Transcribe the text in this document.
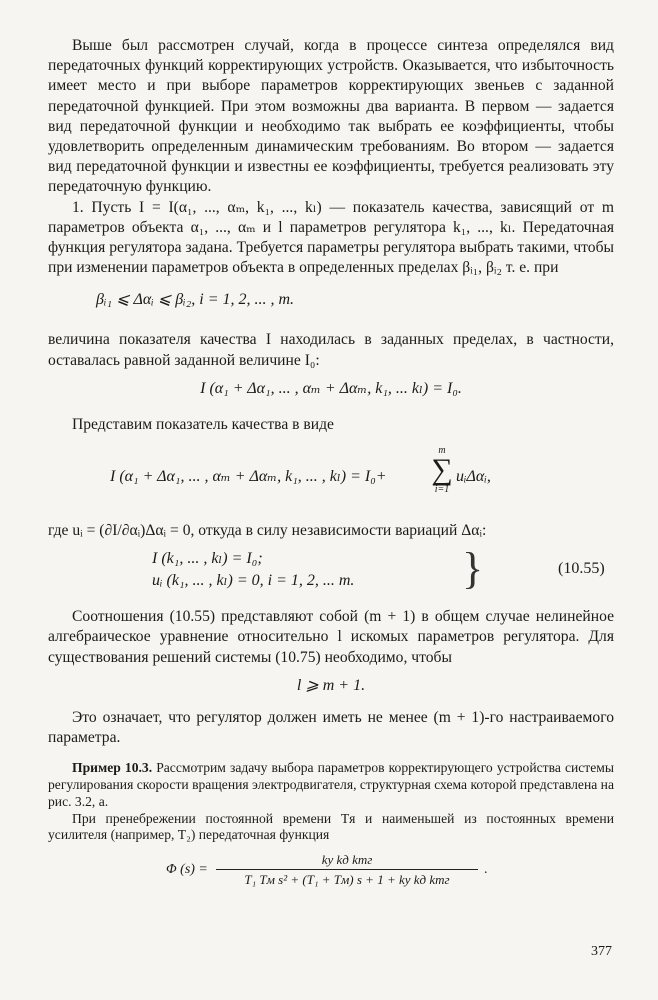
Выше был рассмотрен случай, когда в процессе синтеза определялся вид передаточных функций корректирующих устройств. Оказывается, что избыточность имеет место и при выборе параметров корректирующих звеньев с заданной передаточной функцией. При этом возможны два варианта. В первом — задается вид передаточной функции и необходимо так выбрать ее коэффициенты, чтобы удовлетворить определенным динамическим требованиям. Во втором — задается вид передаточной функции и известны ее коэффициенты, требуется реализовать эту передаточную функцию.

1. Пусть I = I(α₁, ..., αₘ, k₁, ..., kₗ) — показатель качества, зависящий от m параметров объекта α₁, ..., αₘ и l параметров регулятора k₁, ..., kₗ. Передаточная функция регулятора задана. Требуется параметры регулятора выбрать такими, чтобы при изменении параметров объекта в определенных пределах βᵢ₁, βᵢ₂ т. е. при

βᵢ₁ ⩽ Δαᵢ ⩽ βᵢ₂, i = 1, 2, ... , m.

величина показателя качества I находилась в заданных пределах, в частности, оставалась равной заданной величине I₀:

I (α₁ + Δα₁, ... , αₘ + Δαₘ, k₁, ... kₗ) = I₀.

Представим показатель качества в виде

I (α₁ + Δα₁, ... , αₘ + Δαₘ, k₁, ... , kₗ) = I₀+
m
∑
i=1
uᵢΔαᵢ,

где uᵢ = (∂I/∂αᵢ)Δαᵢ = 0, откуда в силу независимости вариаций Δαᵢ:

I (k₁, ... , kₗ) = I₀;
uᵢ (k₁, ... , kₗ) = 0, i = 1, 2, ... m. }	(10.55)

Соотношения (10.55) представляют собой (m + 1) в общем случае нелинейное алгебраическое уравнение относительно l искомых параметров регулятора. Для существования решений системы (10.75) необходимо, чтобы

l ⩾ m + 1.

Это означает, что регулятор должен иметь не менее (m + 1)-го настраиваемого параметра.

Пример 10.3. Рассмотрим задачу выбора параметров корректирующего устройства системы регулирования скорости вращения электродвигателя, структурная схема которой представлена на рис. 3.2, а.

При пренебрежении постоянной времени Tя и наименьшей из постоянных времени усилителя (например, T₂) передаточная функция

Φ (s) =
kу kд kтг
T₁ Tм s² + (T₁ + Tм) s + 1 + kу kд kтг
.
377
